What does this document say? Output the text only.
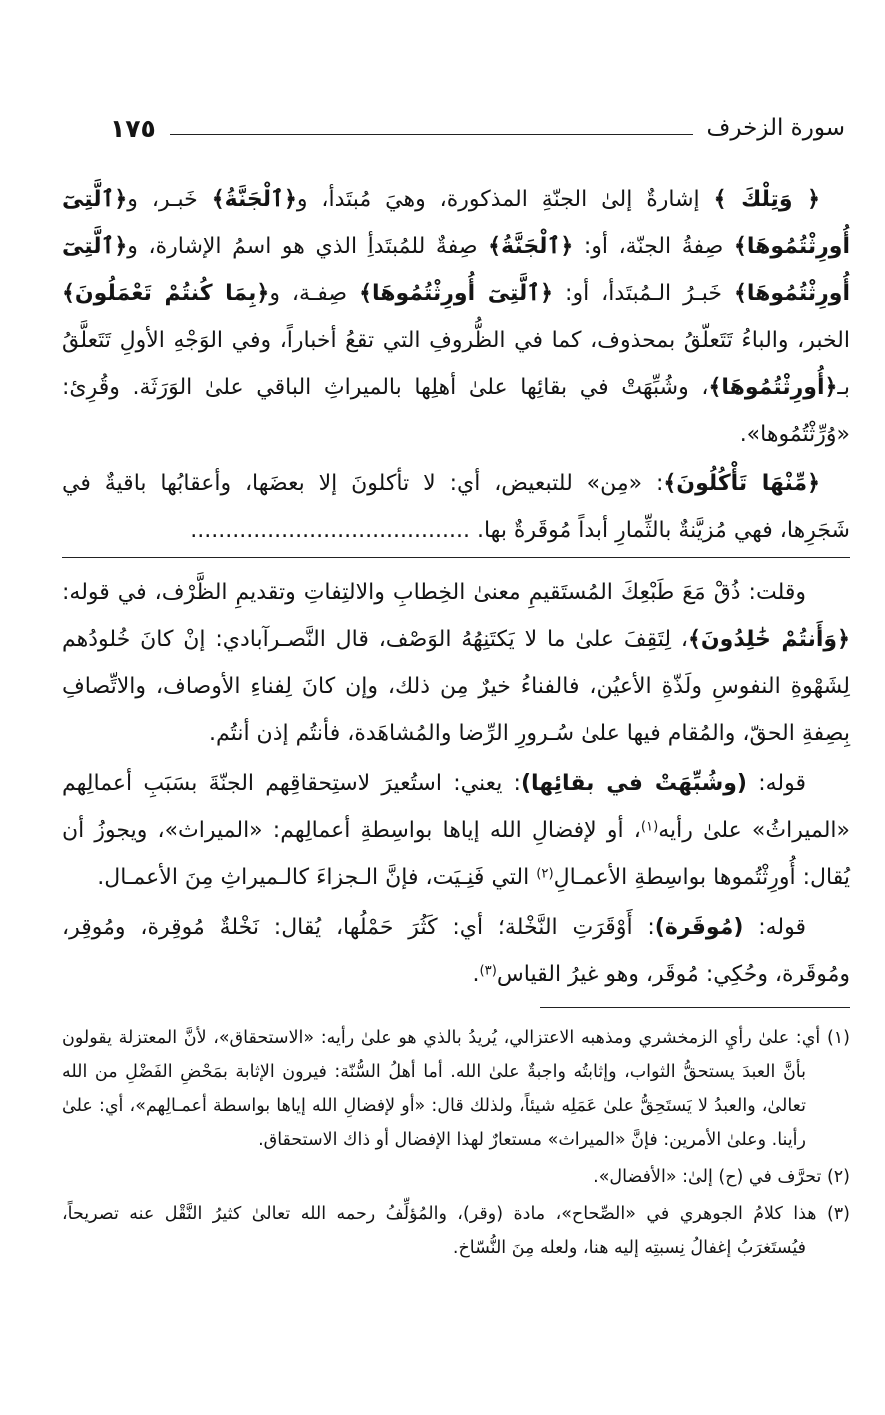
سورة الزخرف
١٧٥

﴿ وَتِلْكَ ﴾ إشارةٌ إلىٰ الجنّةِ المذكورة، وهيَ مُبتَدأ، و﴿ٱلْجَنَّةُ﴾ خَبـر، و﴿ٱلَّتِىٓ أُورِثْتُمُوهَا﴾ صِفةُ الجنّة، أو: ﴿ٱلْجَنَّةُ﴾ صِفةٌ للمُبتَدأِ الذي هو اسمُ الإشارة، و﴿ٱلَّتِىٓ أُورِثْتُمُوهَا﴾ خَبـرُ الـمُبتَدأ، أو: ﴿ٱلَّتِىٓ أُورِثْتُمُوهَا﴾ صِفـة، و﴿بِمَا كُنتُمْ تَعْمَلُونَ﴾ الخبر، والباءُ تَتَعلّقُ بمحذوف، كما في الظُّروفِ التي تقعُ أخباراً، وفي الوَجْهِ الأولِ تَتَعلَّقُ بـ﴿أُورِثْتُمُوهَا﴾، وشُبِّهَتْ في بقائِها علىٰ أهلِها بالميراثِ الباقي علىٰ الوَرَثَة. وقُرِئ: «وُرِّثْتُمُوها».

﴿مِّنْهَا تَأْكُلُونَ﴾: «مِن» للتبعيض، أي: لا تأكلونَ إلا بعضَها، وأعقابُها باقيةٌ في شَجَرِها، فهي مُزيَّنةٌ بالثِّمارِ أبداً مُوقَرةٌ بها. ........................................

وقلت: ذُقْ مَعَ طَبْعِكَ المُستَقيمِ معنىٰ الخِطابِ والالتِفاتِ وتقديمِ الظَّرْف، في قوله: ﴿وَأَنتُمْ خَٰلِدُونَ﴾، لِتَقِفَ علىٰ ما لا يَكتَنِهُهُ الوَصْف، قال النَّصـرآبادي: إنْ كانَ خُلودُهم لِشَهْوةِ النفوسِ ولَذّةِ الأعيُن، فالفناءُ خيرٌ مِن ذلك، وإن كانَ لِفناءِ الأوصاف، والاتِّصافِ بِصِفةِ الحقّ، والمُقام فيها علىٰ سُـرورِ الرِّضا والمُشاهَدة، فأنتُم إذن أنتُم.

قوله: (وشُبِّهَتْ في بقائِها): يعني: استُعيرَ لاستِحقاقِهم الجنّةَ بسَبَبِ أعمالِهم «الميراثُ» علىٰ رأيه$^{(١)}$، أو لإفضالِ الله إياها بواسِطةِ أعمالِهم: «الميراث»، ويجوزُ أن يُقال: أُورِثْتُموها بواسِطةِ الأعمـالِ$^{(٢)}$ التي فَنِـيَت، فإنَّ الـجزاءَ كالـميراثِ مِنَ الأعمـال.

قوله: (مُوقَرة): أَوْقَرَتِ النَّخْلة؛ أي: كَثُرَ حَمْلُها، يُقال: نَخْلةٌ مُوقِرة، ومُوقِر، ومُوقَرة، وحُكِي: مُوقَر، وهو غيرُ القياس$^{(٣)}$.

(١) أي: علىٰ رأيِ الزمخشري ومذهبه الاعتزالي، يُريدُ بالذي هو علىٰ رأيه: «الاستحقاق»، لأنَّ المعتزلة يقولون بأنَّ العبدَ يستحقُّ الثواب، وإثابتُه واجبةٌ علىٰ الله. أما أهلُ السُّنّة: فيرون الإثابة بمَحْضِ الفَضْلِ من الله تعالىٰ، والعبدُ لا يَستَحِقُّ علىٰ عَمَلِه شيئاً، ولذلك قال: «أو لإفضالِ الله إياها بواسطة أعمـالِهم»، أي: علىٰ رأينا. وعلىٰ الأمرين: فإنَّ «الميراث» مستعارٌ لهذا الإفضال أو ذاك الاستحقاق.
(٢) تحرَّف في (ح) إلىٰ: «الأفضال».
(٣) هذا كلامُ الجوهري في «الصِّحاح»، مادة (وقر)، والمُؤلِّفُ رحمه الله تعالىٰ كثيرُ النَّقْل عنه تصريحاً، فيُستَغرَبُ إغفالُ نِسبتِه إليه هنا، ولعله مِنَ النُّسّاخ.
